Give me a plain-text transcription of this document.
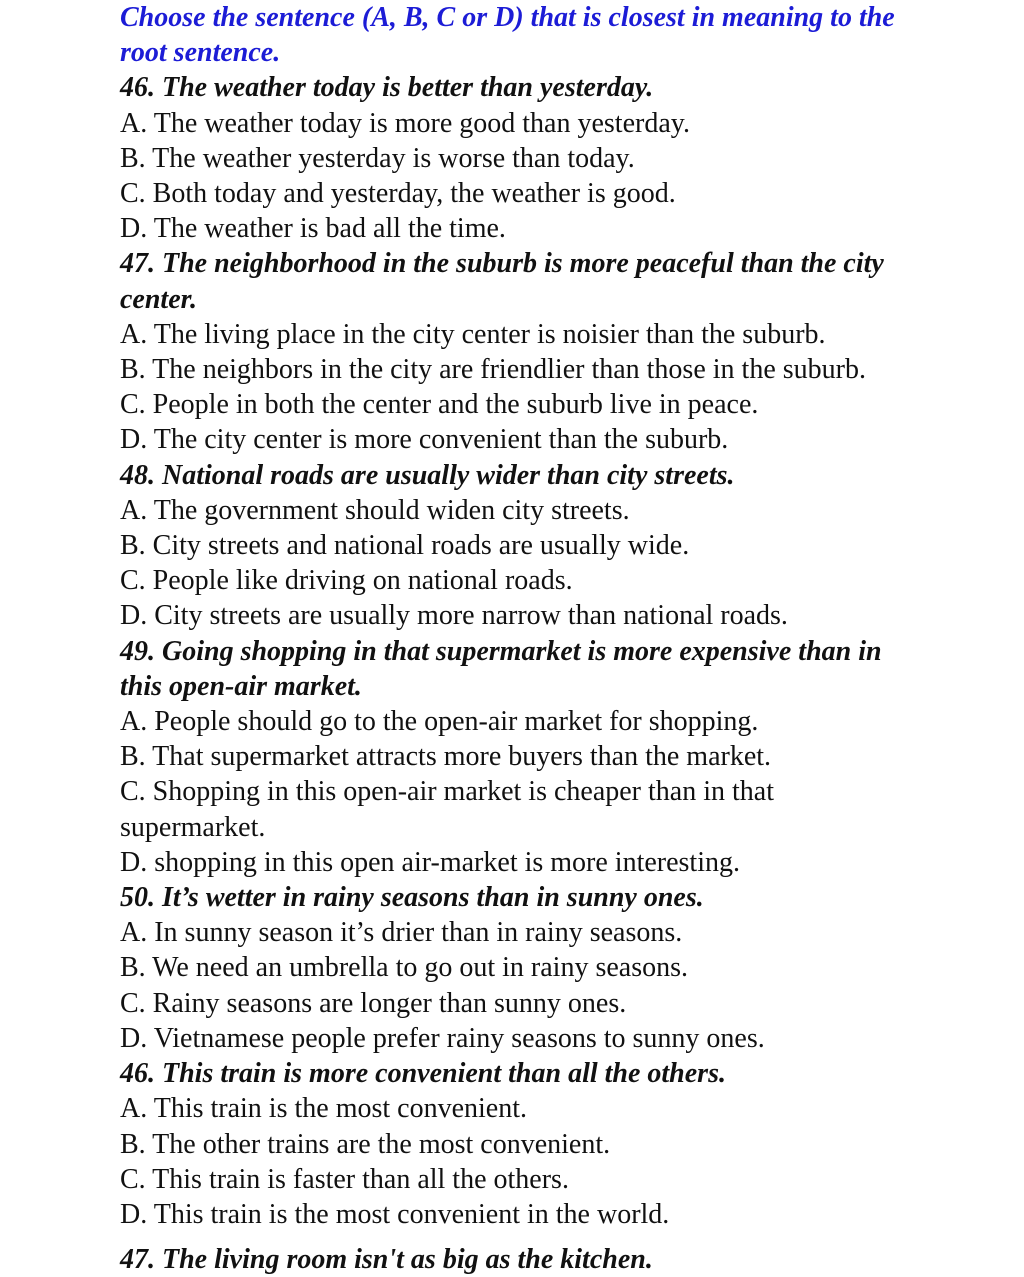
Choose the sentence (A, B, C or D) that is closest in meaning to the root sentence.
46. The weather today is better than yesterday.
A. The weather today is more good than yesterday.
B. The weather yesterday is worse than today.
C. Both today and yesterday, the weather is good.
D. The weather is bad all the time.
47. The neighborhood in the suburb is more peaceful than the city center.
A. The living place in the city center is noisier than the suburb.
B. The neighbors in the city are friendlier than those in the suburb.
C. People in both the center and the suburb live in peace.
D. The city center is more convenient than the suburb.
48. National roads are usually wider than city streets.
A. The government should widen city streets.
B. City streets and national roads are usually wide.
C. People like driving on national roads.
D. City streets are usually more narrow than national roads.
49. Going shopping in that supermarket is more expensive than in this open-air market.
A. People should go to the open-air market for shopping.
B. That supermarket attracts more buyers than the market.
C. Shopping in this open-air market is cheaper than in that supermarket.
D. shopping in this open air-market is more interesting.
50. It’s wetter in rainy seasons than in sunny ones.
A. In sunny season it’s drier than in rainy seasons.
B. We need an umbrella to go out in rainy seasons.
C. Rainy seasons are longer than sunny ones.
D. Vietnamese people prefer rainy seasons to sunny ones.
46. This train is more convenient than all the others.
A. This train is the most convenient.
B. The other trains are the most convenient.
C. This train is faster than all the others.
D. This train is the most convenient in the world.
47. The living room isn't as big as the kitchen.
